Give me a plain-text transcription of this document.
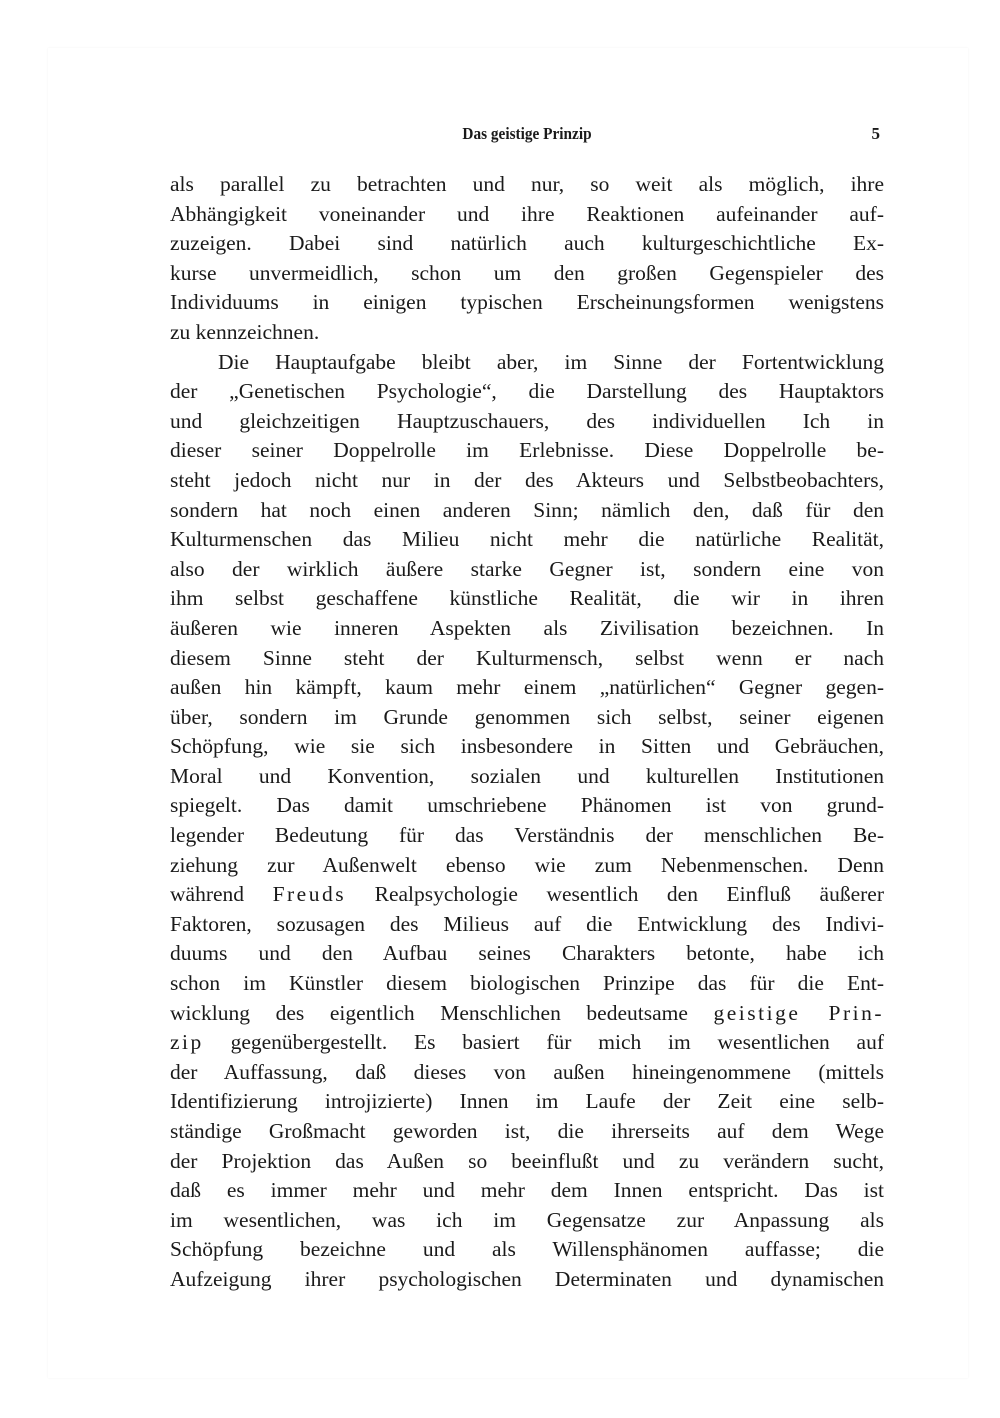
Das geistige Prinzip	5
als parallel zu betrachten und nur, so weit als möglich, ihre
Abhängigkeit voneinander und ihre Reaktionen aufeinander auf-
zuzeigen. Dabei sind natürlich auch kulturgeschichtliche Ex-
kurse unvermeidlich, schon um den großen Gegenspieler des
Individuums in einigen typischen Erscheinungsformen wenigstens
zu kennzeichnen.
Die Hauptaufgabe bleibt aber, im Sinne der Fortentwicklung
der „Genetischen Psychologie“, die Darstellung des Hauptaktors
und gleichzeitigen Hauptzuschauers, des individuellen Ich in
dieser seiner Doppelrolle im Erlebnisse. Diese Doppelrolle be-
steht jedoch nicht nur in der des Akteurs und Selbstbeobachters,
sondern hat noch einen anderen Sinn; nämlich den, daß für den
Kulturmenschen das Milieu nicht mehr die natürliche Realität,
also der wirklich äußere starke Gegner ist, sondern eine von
ihm selbst geschaffene künstliche Realität, die wir in ihren
äußeren wie inneren Aspekten als Zivilisation bezeichnen. In
diesem Sinne steht der Kulturmensch, selbst wenn er nach
außen hin kämpft, kaum mehr einem „natürlichen“ Gegner gegen-
über, sondern im Grunde genommen sich selbst, seiner eigenen
Schöpfung, wie sie sich insbesondere in Sitten und Gebräuchen,
Moral und Konvention, sozialen und kulturellen Institutionen
spiegelt. Das damit umschriebene Phänomen ist von grund-
legender Bedeutung für das Verständnis der menschlichen Be-
ziehung zur Außenwelt ebenso wie zum Nebenmenschen. Denn
während Freuds Realpsychologie wesentlich den Einfluß äußerer
Faktoren, sozusagen des Milieus auf die Entwicklung des Indivi-
duums und den Aufbau seines Charakters betonte, habe ich
schon im Künstler diesem biologischen Prinzipe das für die Ent-
wicklung des eigentlich Menschlichen bedeutsame geistige Prin-
zip gegenübergestellt. Es basiert für mich im wesentlichen auf
der Auffassung, daß dieses von außen hineingenommene (mittels
Identifizierung introjizierte) Innen im Laufe der Zeit eine selb-
ständige Großmacht geworden ist, die ihrerseits auf dem Wege
der Projektion das Außen so beeinflußt und zu verändern sucht,
daß es immer mehr und mehr dem Innen entspricht. Das ist
im wesentlichen, was ich im Gegensatze zur Anpassung als
Schöpfung bezeichne und als Willensphänomen auffasse; die
Aufzeigung ihrer psychologischen Determinaten und dynamischen
